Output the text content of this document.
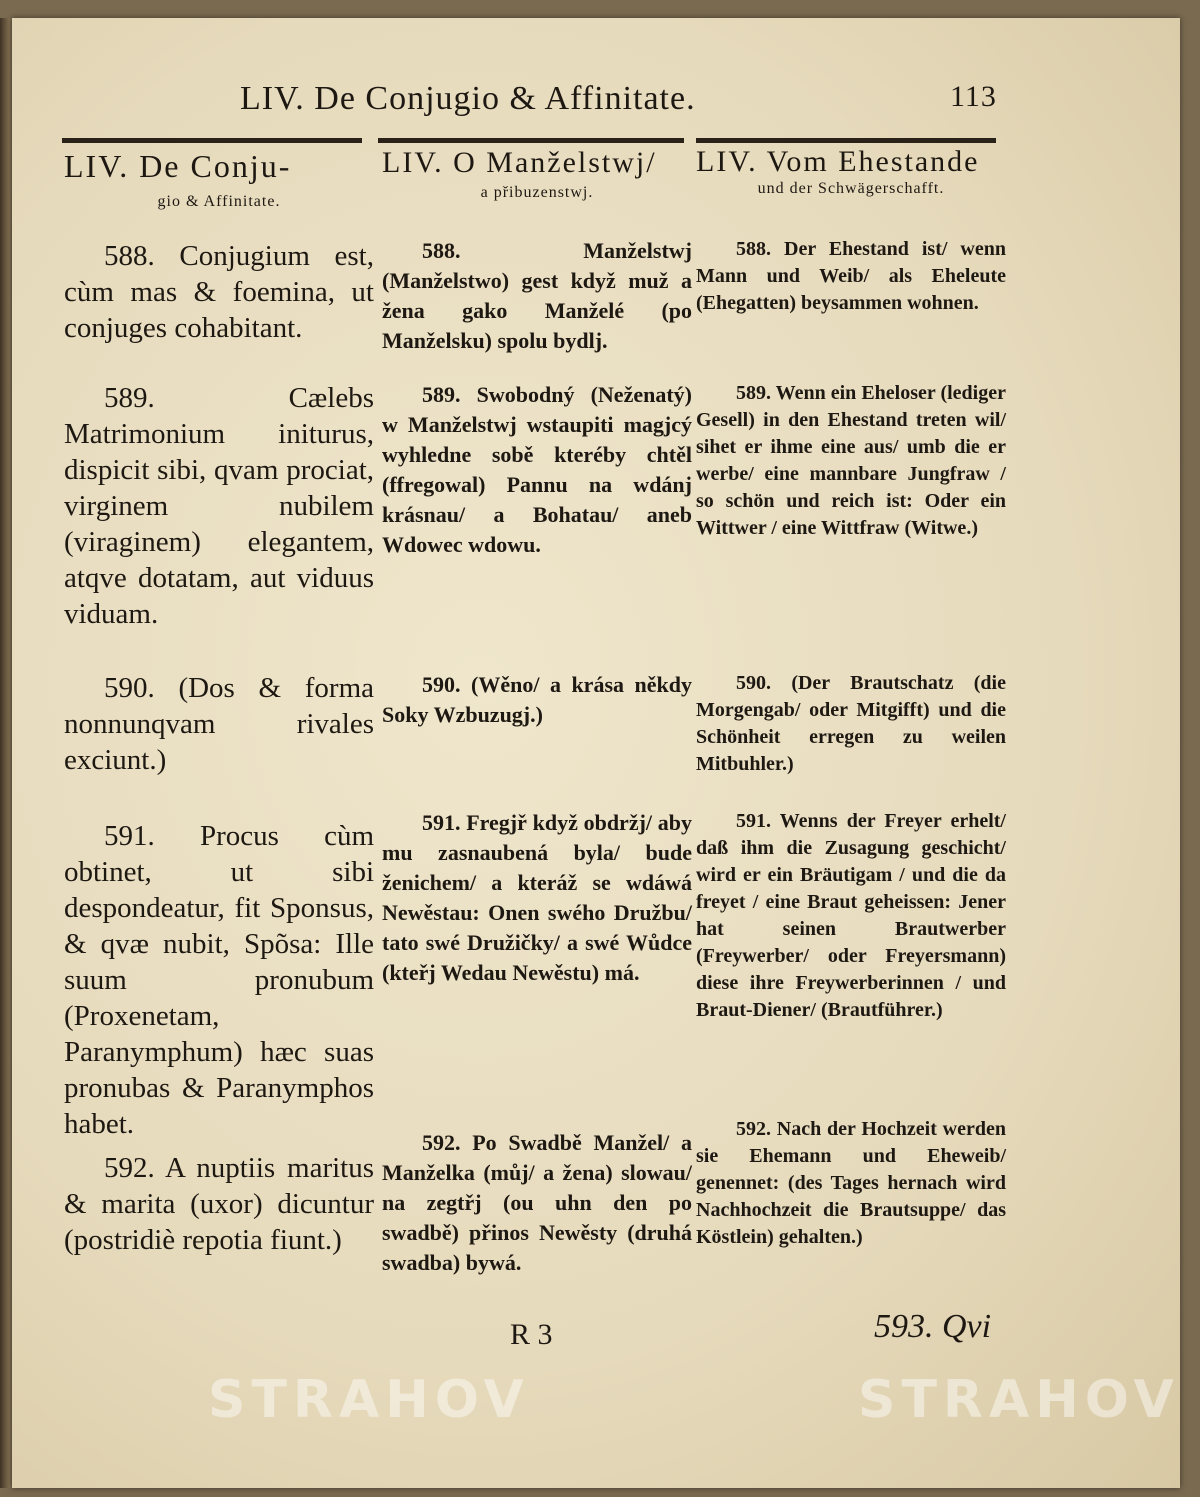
LIV. De Conjugio & Affinitate.	113
LIV. De Conju-
gio & Affinitate.

588. Conjugium est, cùm mas & foemina, ut conjuges cohabitant.

589. Cælebs Matrimonium initurus, dispicit sibi, qvam prociat, virginem nubilem (viraginem) elegantem, atqve dotatam, aut viduus viduam.

590. (Dos & forma nonnunqvam rivales exciunt.)

591. Procus cùm obtinet, ut sibi despondeatur, fit Sponsus, & qvæ nubit, Spõsa: Ille suum pronubum (Proxenetam, Paranymphum) hæc suas pronubas & Paranymphos habet.

592. A nuptiis maritus & marita (uxor) dicuntur (postridiè repotia fiunt.)

LIV. O Manželstwj/
a přibuzenstwj.

588. Manželstwj (Manželstwo) gest když muž a žena gako Manželé (po Manželsku) spolu bydlj.

589. Swobodný (Neženatý) w Manželstwj wstaupiti magjcý wyhledne sobě kteréby chtěl (ffregowal) Pannu na wdánj krásnau/ a Bohatau/ aneb Wdowec wdowu.

590. (Wěno/ a krása někdy Soky Wzbuzugj.)

591. Fregjř když obdržj/ aby mu zasnaubená byla/ bude ženichem/ a kteráž se wdáwá Newěstau: Onen swého Družbu/ tato swé Družičky/ a swé Wůdce (kteřj Wedau Newěstu) má.

592. Po Swadbě Manžel/ a Manželka (můj/ a žena) slowau/ na zegtřj (ou uhn den po swadbě) přinos Newěsty (druhá swadba) bywá.

LIV. Vom Ehestande
und der Schwägerschafft.

588. Der Ehestand ist/ wenn Mann und Weib/ als Eheleute (Ehegatten) beysammen wohnen.

589. Wenn ein Eheloser (lediger Gesell) in den Ehestand treten wil/ sihet er ihme eine aus/ umb die er werbe/ eine mannbare Jungfraw / so schön und reich ist: Oder ein Wittwer / eine Wittfraw (Witwe.)

590. (Der Brautschatz (die Morgengab/ oder Mitgifft) und die Schönheit erregen zu weilen Mitbuhler.)

591. Wenns der Freyer erhelt/ daß ihm die Zusagung geschicht/ wird er ein Bräutigam / und die da freyet / eine Braut geheissen: Jener hat seinen Brautwerber (Freywerber/ oder Freyersmann) diese ihre Freywerberinnen / und Braut-Diener/ (Brautführer.)

592. Nach der Hochzeit werden sie Ehemann und Eheweib/ genennet: (des Tages hernach wird Nachhochzeit die Brautsuppe/ das Köstlein) gehalten.)

R 3	593. Qvi
STRAHOV	STRAHOV
